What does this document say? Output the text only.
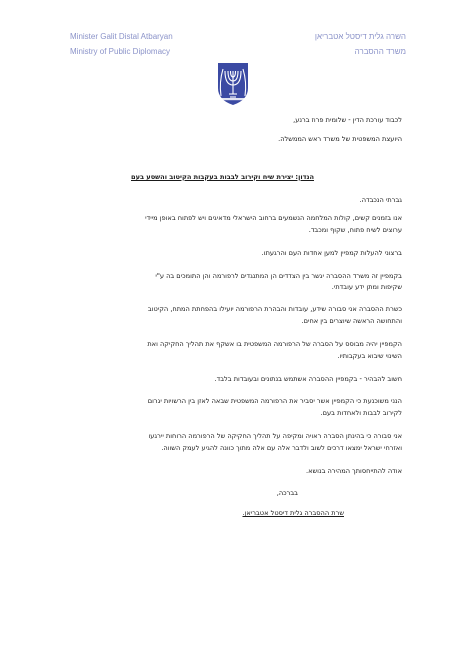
Minister Galit Distal Atbaryan
Ministry of Public Diplomacy
השרה גלית דיסטל אטבריאן
משרד ההסברה
לכבוד עורכת הדין - שלומית פרוז ברנע,
היועצת המשפטית של משרד ראש הממשלה.
הנדון: יצירת שיח וקירוב לבבות בעקבות הקיטוב והשסע בעם
גברתי הנכבדה.
אנו בזמנים קשים, קולות המלחמה הנשמעים ברחוב הישראלי מדאיגים ויש לפתוח באופן מיידי
ערוצים לשיח פתוח, שקוף ומכבד.
ברצוני להעלות קמפיין למען אחדות העם והרגעתו.
בקמפיין זה משרד ההסברה יגשר בין הצדדים הן המתנגדים לרפורמה והן התומכים בה ע"י
שקיפות ומתן ידע עובדתי.
כשרת ההסברה אני סבורה שידע, עובדות והבהרת הרפורמה יועילו בהפחתת המתח, הקיטוב
והתחושה הראשה שיוצרים בין אחים.
הקמפיין יהיה מבוסס על הסברה של הרפורמה המשפטית בו אשקף את תהליך החקיקה ואת
השינוי שיבוא בעקבותיו.
חשוב להבהיר - בקמפיין ההסברה אשתמש בנתונים ובעובדות בלבד.
הנני משוכנעת כי הקמפיין אשר יסביר את הרפורמה המשפטית שבאה לאזן בין הרשויות יגרום
לקירוב לבבות ולאחדות בעם.
אני סבורה כי בהינתן הסברה ראויה ומקיפה על תהליך החקיקה של הרפורמה הרוחות יירגעו
ואזרחי ישראל ימצאו דרכים לשוב ולדבר אלה עם אלה מתוך כוונה להגיע לעמק השווה.
אודה להתייחסותך המהירה בנושא.
בברכה,
שרת ההסברה גלית דיסטל אטבריאן.
